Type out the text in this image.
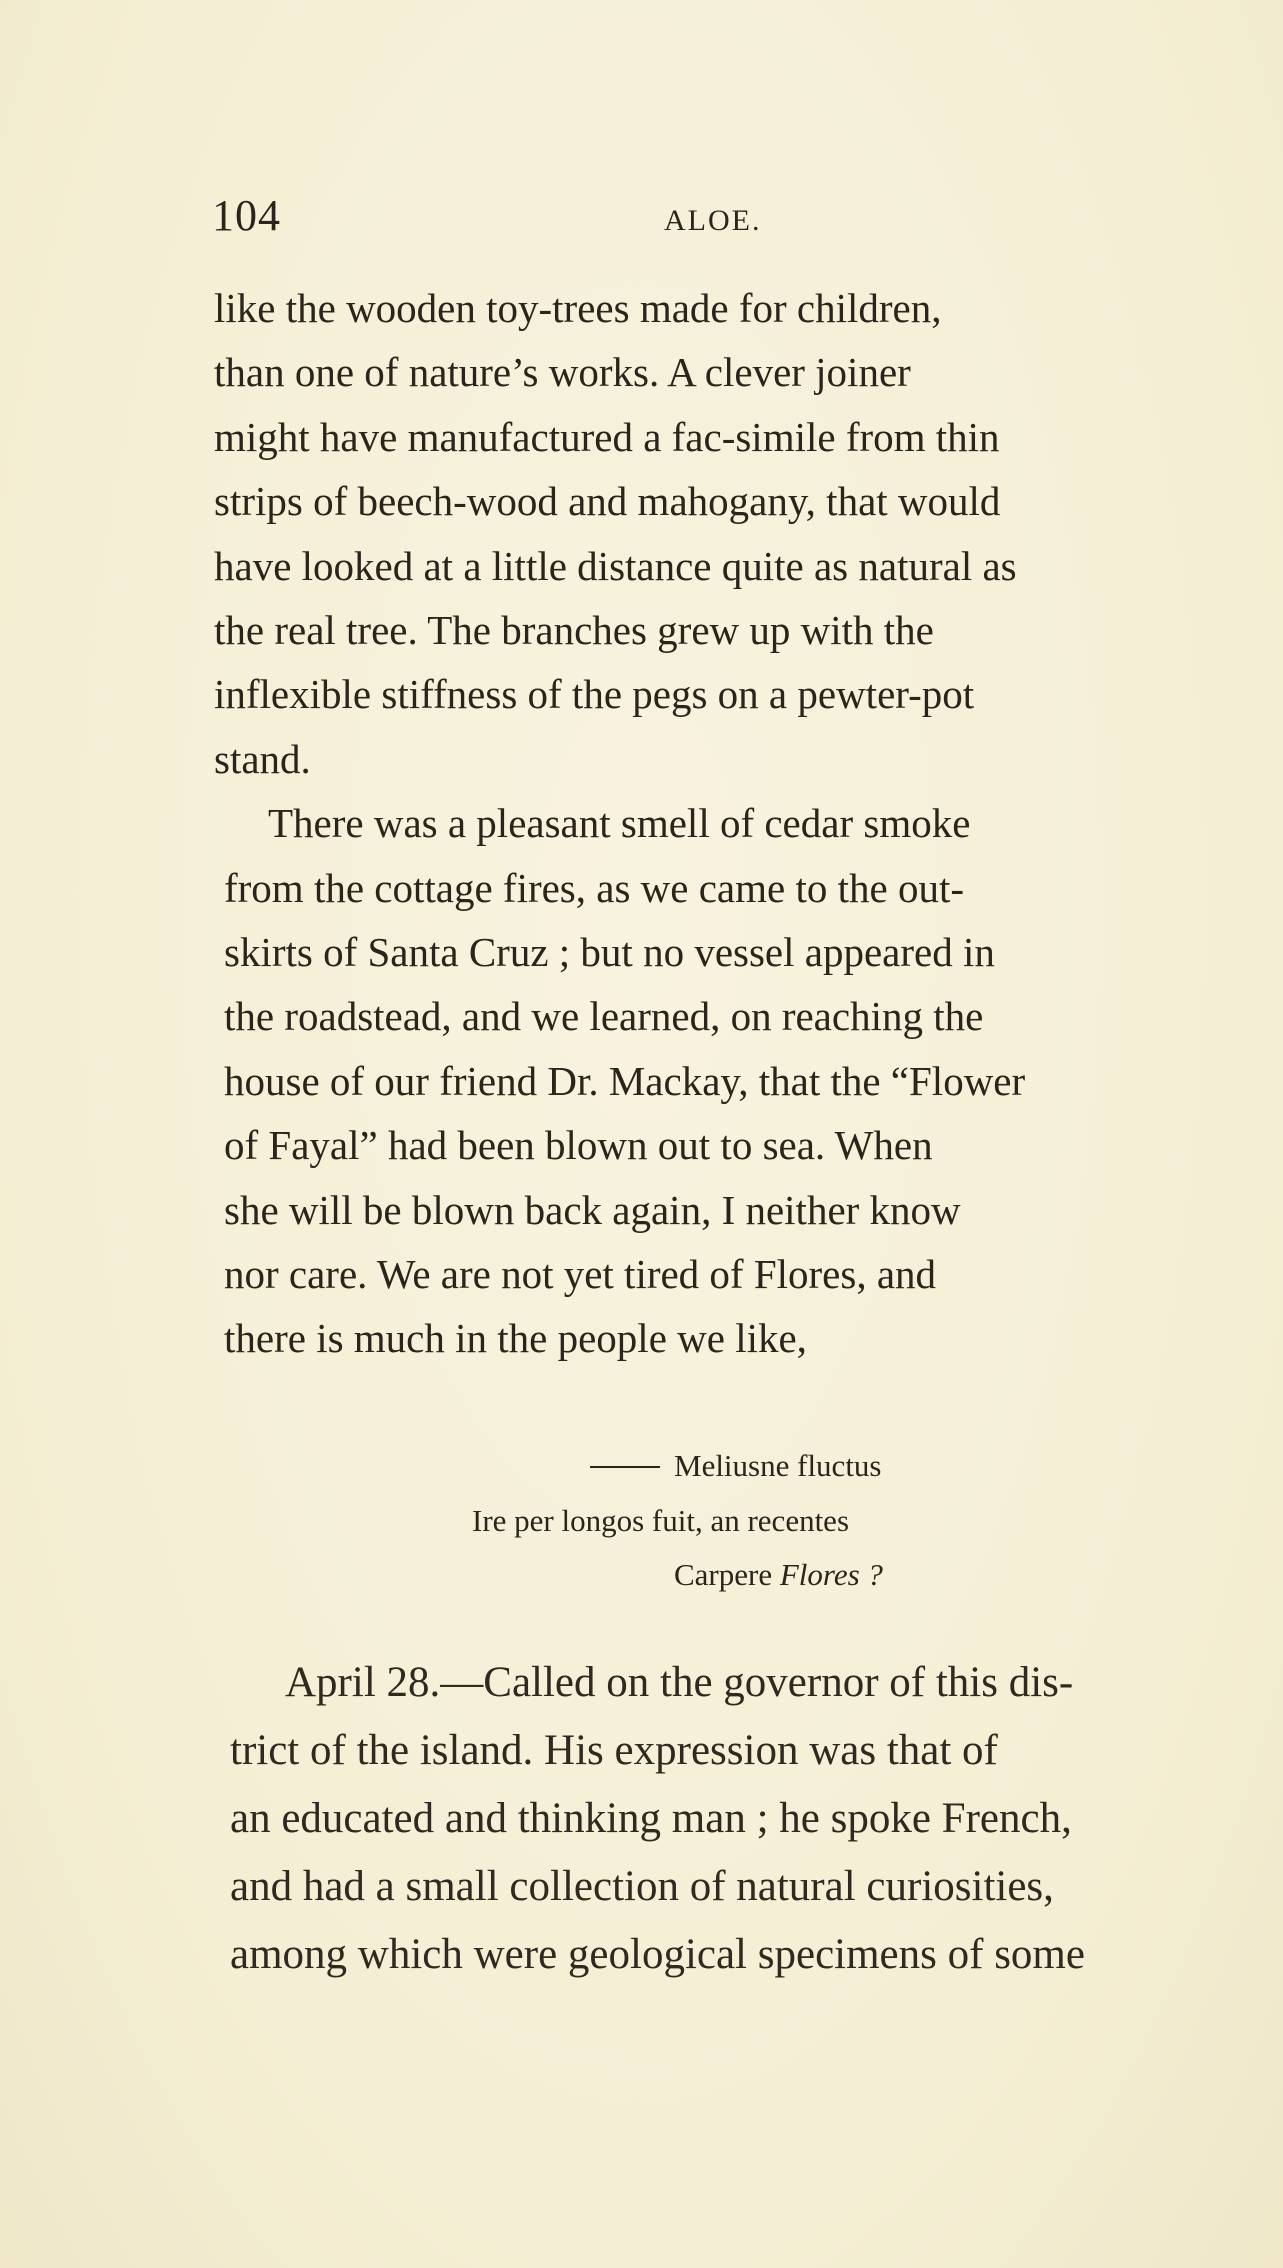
104	ALOE.
like the wooden toy-trees made for children,
than one of nature’s works. A clever joiner
might have manufactured a fac-simile from thin
strips of beech-wood and mahogany, that would
have looked at a little distance quite as natural as
the real tree. The branches grew up with the
inflexible stiffness of the pegs on a pewter-pot
stand.
There was a pleasant smell of cedar smoke
from the cottage fires, as we came to the out-
skirts of Santa Cruz ; but no vessel appeared in
the roadstead, and we learned, on reaching the
house of our friend Dr. Mackay, that the “Flower
of Fayal” had been blown out to sea. When
she will be blown back again, I neither know
nor care. We are not yet tired of Flores, and
there is much in the people we like,
Meliusne fluctus
Ire per longos fuit, an recentes
Carpere Flores ?
April 28.—Called on the governor of this dis-
trict of the island. His expression was that of
an educated and thinking man ; he spoke French,
and had a small collection of natural curiosities,
among which were geological specimens of some
